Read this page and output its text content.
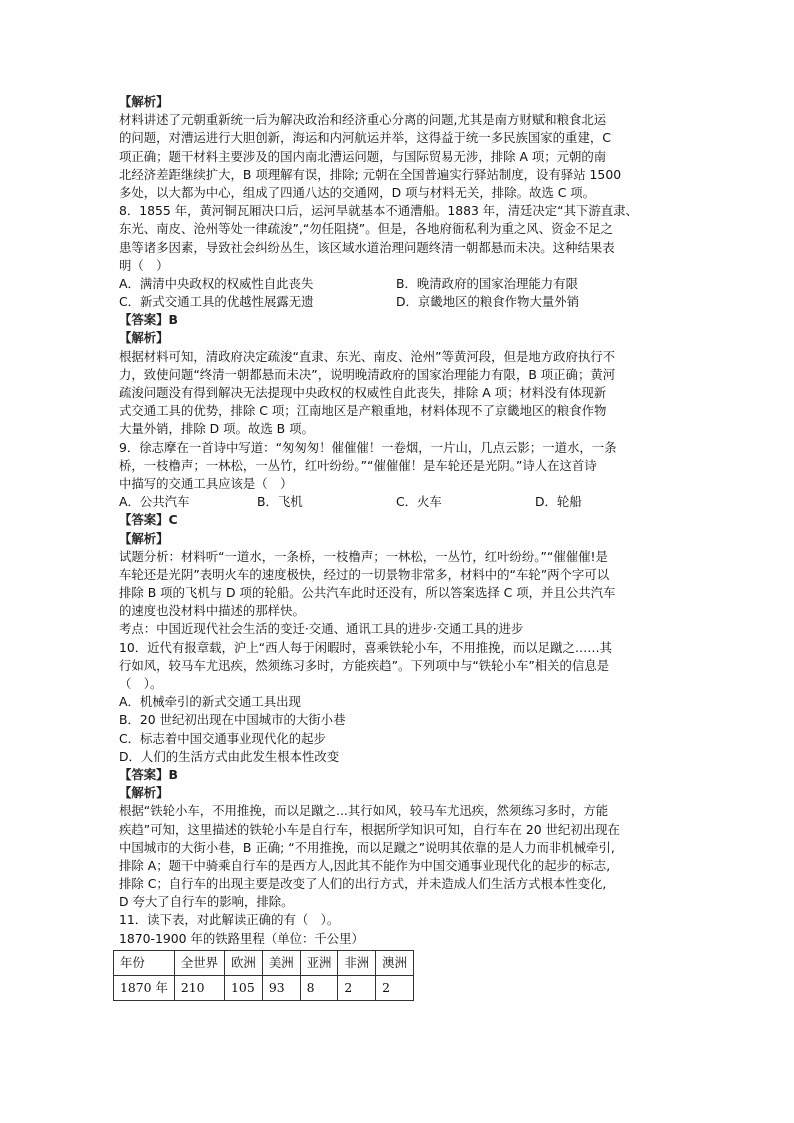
【解析】
材料讲述了元朝重新统一后为解决政治和经济重心分离的问题,尤其是南方财赋和粮食北运
的问题，对漕运进行大胆创新，海运和内河航运并举，这得益于统一多民族国家的重建，C
项正确；题干材料主要涉及的国内南北漕运问题，与国际贸易无涉，排除 A 项；元朝的南
北经济差距继续扩大，B 项理解有误，排除; 元朝在全国普遍实行驿站制度，设有驿站 1500
多处，以大都为中心，组成了四通八达的交通网，D 项与材料无关，排除。故选 C 项。
8．1855 年，黄河铜瓦厢决口后，运河旱就基本不通漕船。1883 年，清廷决定“其下游直隶、
东光、南皮、沧州等处一律疏浚”,“勿任阻挠”。但是，各地府衙私利为重之风、资金不足之
患等诸多因素，导致社会纠纷丛生，该区域水道治理问题终清一朝都悬而未决。这种结果表
明（　）
A．满清中央政权的权威性自此丧失	B．晚清政府的国家治理能力有限
C．新式交通工具的优越性展露无遗	D．京畿地区的粮食作物大量外销
【答案】B
【解析】
根据材料可知，清政府决定疏浚“直隶、东光、南皮、沧州”等黄河段，但是地方政府执行不
力，致使问题“终清一朝都悬而未决”，说明晚清政府的国家治理能力有限，B 项正确；黄河
疏浚问题没有得到解决无法提现中央政权的权威性自此丧失，排除 A 项；材料没有体现新
式交通工具的优势，排除 C 项；江南地区是产粮重地，材料体现不了京畿地区的粮食作物
大量外销，排除 D 项。故选 B 项。
9．徐志摩在一首诗中写道：“匆匆匆！催催催！一卷烟，一片山，几点云影；一道水，一条
桥，一枝橹声；一林松，一丛竹，红叶纷纷。”“催催催！是车轮还是光阴。”诗人在这首诗
中描写的交通工具应该是（　）
A．公共汽车	B．飞机	C．火车	D．轮船
【答案】C
【解析】
试题分析：材料听“一道水，一条桥，一枝橹声；一林松，一丛竹，红叶纷纷。”“催催催!是
车轮还是光阴”表明火车的速度极快，经过的一切景物非常多，材料中的“车轮”两个字可以
排除 B 项的飞机与 D 项的轮船。公共汽车此时还没有，所以答案选择 C 项，并且公共汽车
的速度也没材料中描述的那样快。
考点：中国近现代社会生活的变迁·交通、通讯工具的进步·交通工具的进步
10．近代有报章载，沪上“西人每于闲暇时，喜乘铁轮小车，不用推挽，而以足蹴之……其
行如风，较马车尤迅疾，然须练习多时，方能疾趋”。下列项中与“铁轮小车”相关的信息是
（　）。
A．机械牵引的新式交通工具出现
B．20 世纪初出现在中国城市的大街小巷
C．标志着中国交通事业现代化的起步
D．人们的生活方式由此发生根本性改变
【答案】B
【解析】
根据“铁轮小车，不用推挽，而以足蹴之...其行如风，较马车尤迅疾，然须练习多时，方能
疾趋”可知，这里描述的铁轮小车是自行车，根据所学知识可知，自行车在 20 世纪初出现在
中国城市的大街小巷，B 正确; “不用推挽，而以足蹴之”说明其依靠的是人力而非机械牵引,
排除 A；题干中骑乘自行车的是西方人,因此其不能作为中国交通事业现代化的起步的标志,
排除 C；自行车的出现主要是改变了人们的出行方式，并未造成人们生活方式根本性变化,
D 夸大了自行车的影响，排除。
11．读下表，对此解读正确的有（　）。
1870-1900 年的铁路里程（单位：千公里）
年份	全世界	欧洲	美洲	亚洲	非洲	澳洲
1870 年	210	105	93	8	2	2
